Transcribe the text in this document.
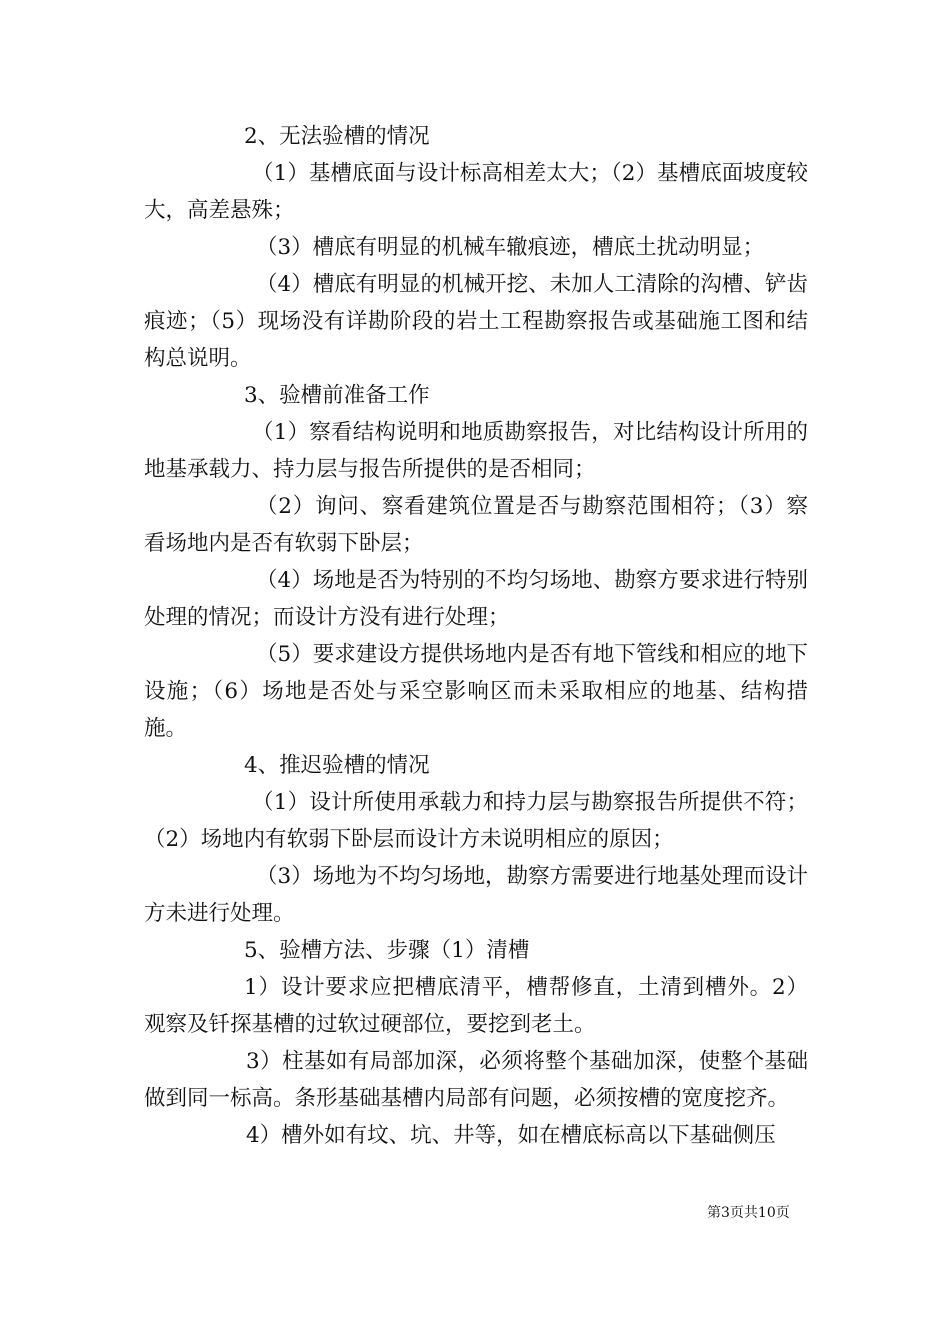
2、无法验槽的情况

（1）基槽底面与设计标高相差太大；（2）基槽底面坡度较大，高差悬殊；

（3）槽底有明显的机械车辙痕迹，槽底土扰动明显；

（4）槽底有明显的机械开挖、未加人工清除的沟槽、铲齿痕迹；（5）现场没有详勘阶段的岩土工程勘察报告或基础施工图和结构总说明。

3、验槽前准备工作

（1）察看结构说明和地质勘察报告，对比结构设计所用的地基承载力、持力层与报告所提供的是否相同；

（2）询问、察看建筑位置是否与勘察范围相符；（3）察看场地内是否有软弱下卧层；

（4）场地是否为特别的不均匀场地、勘察方要求进行特别处理的情况；而设计方没有进行处理；

（5）要求建设方提供场地内是否有地下管线和相应的地下设施；（6）场地是否处与采空影响区而未采取相应的地基、结构措施。

4、推迟验槽的情况

（1）设计所使用承载力和持力层与勘察报告所提供不符；（2）场地内有软弱下卧层而设计方未说明相应的原因；

（3）场地为不均匀场地，勘察方需要进行地基处理而设计方未进行处理。

5、验槽方法、步骤（1）清槽

1）设计要求应把槽底清平，槽帮修直，土清到槽外。2）观察及钎探基槽的过软过硬部位，要挖到老土。

3）柱基如有局部加深，必须将整个基础加深，使整个基础做到同一标高。条形基础基槽内局部有问题，必须按槽的宽度挖齐。

4）槽外如有坟、坑、井等，如在槽底标高以下基础侧压

第3页共10页
